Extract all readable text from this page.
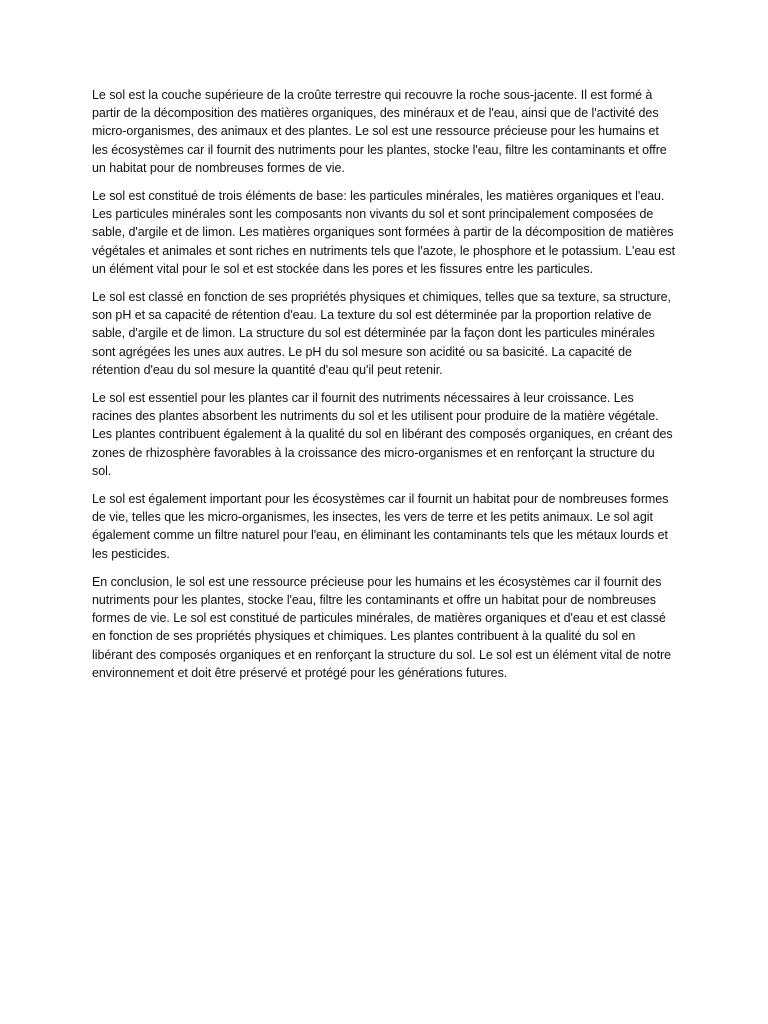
Le sol est la couche supérieure de la croûte terrestre qui recouvre la roche sous-jacente. Il est formé à partir de la décomposition des matières organiques, des minéraux et de l'eau, ainsi que de l'activité des micro-organismes, des animaux et des plantes. Le sol est une ressource précieuse pour les humains et les écosystèmes car il fournit des nutriments pour les plantes, stocke l'eau, filtre les contaminants et offre un habitat pour de nombreuses formes de vie.

Le sol est constitué de trois éléments de base: les particules minérales, les matières organiques et l'eau. Les particules minérales sont les composants non vivants du sol et sont principalement composées de sable, d'argile et de limon. Les matières organiques sont formées à partir de la décomposition de matières végétales et animales et sont riches en nutriments tels que l'azote, le phosphore et le potassium. L'eau est un élément vital pour le sol et est stockée dans les pores et les fissures entre les particules.

Le sol est classé en fonction de ses propriétés physiques et chimiques, telles que sa texture, sa structure, son pH et sa capacité de rétention d'eau. La texture du sol est déterminée par la proportion relative de sable, d'argile et de limon. La structure du sol est déterminée par la façon dont les particules minérales sont agrégées les unes aux autres. Le pH du sol mesure son acidité ou sa basicité. La capacité de rétention d'eau du sol mesure la quantité d'eau qu'il peut retenir.

Le sol est essentiel pour les plantes car il fournit des nutriments nécessaires à leur croissance. Les racines des plantes absorbent les nutriments du sol et les utilisent pour produire de la matière végétale. Les plantes contribuent également à la qualité du sol en libérant des composés organiques, en créant des zones de rhizosphère favorables à la croissance des micro-organismes et en renforçant la structure du sol.

Le sol est également important pour les écosystèmes car il fournit un habitat pour de nombreuses formes de vie, telles que les micro-organismes, les insectes, les vers de terre et les petits animaux. Le sol agit également comme un filtre naturel pour l'eau, en éliminant les contaminants tels que les métaux lourds et les pesticides.

En conclusion, le sol est une ressource précieuse pour les humains et les écosystèmes car il fournit des nutriments pour les plantes, stocke l'eau, filtre les contaminants et offre un habitat pour de nombreuses formes de vie. Le sol est constitué de particules minérales, de matières organiques et d'eau et est classé en fonction de ses propriétés physiques et chimiques. Les plantes contribuent à la qualité du sol en libérant des composés organiques et en renforçant la structure du sol. Le sol est un élément vital de notre environnement et doit être préservé et protégé pour les générations futures.
